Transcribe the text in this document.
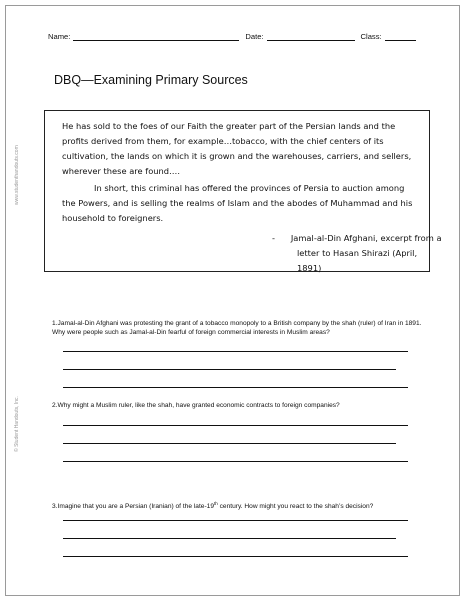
Name:	Date:	Class:
DBQ—Examining Primary Sources

He has sold to the foes of our Faith the greater part of the Persian lands and the profits derived from them, for example…tobacco, with the chief centers of its cultivation, the lands on which it is grown and the warehouses, carriers, and sellers, wherever these are found….

In short, this criminal has offered the provinces of Persia to auction among the Powers, and is selling the realms of Islam and the abodes of Muhammad and his household to foreigners.

-      Jamal-al-Din Afghani, excerpt from a
letter to Hasan Shirazi (April, 1891)
1.Jamal-al-Din Afghani was protesting the grant of a tobacco monopoly to a British company by the shah (ruler) of Iran in 1891. Why were people such as Jamal-al-Din fearful of foreign commercial interests in Muslim areas?
2.Why might a Muslim ruler, like the shah, have granted economic contracts to foreign companies?
3.Imagine that you are a Persian (Iranian) of the late-19th century. How might you react to the shah’s decision?
www.studenthandouts.com
© Student Handouts, Inc.
